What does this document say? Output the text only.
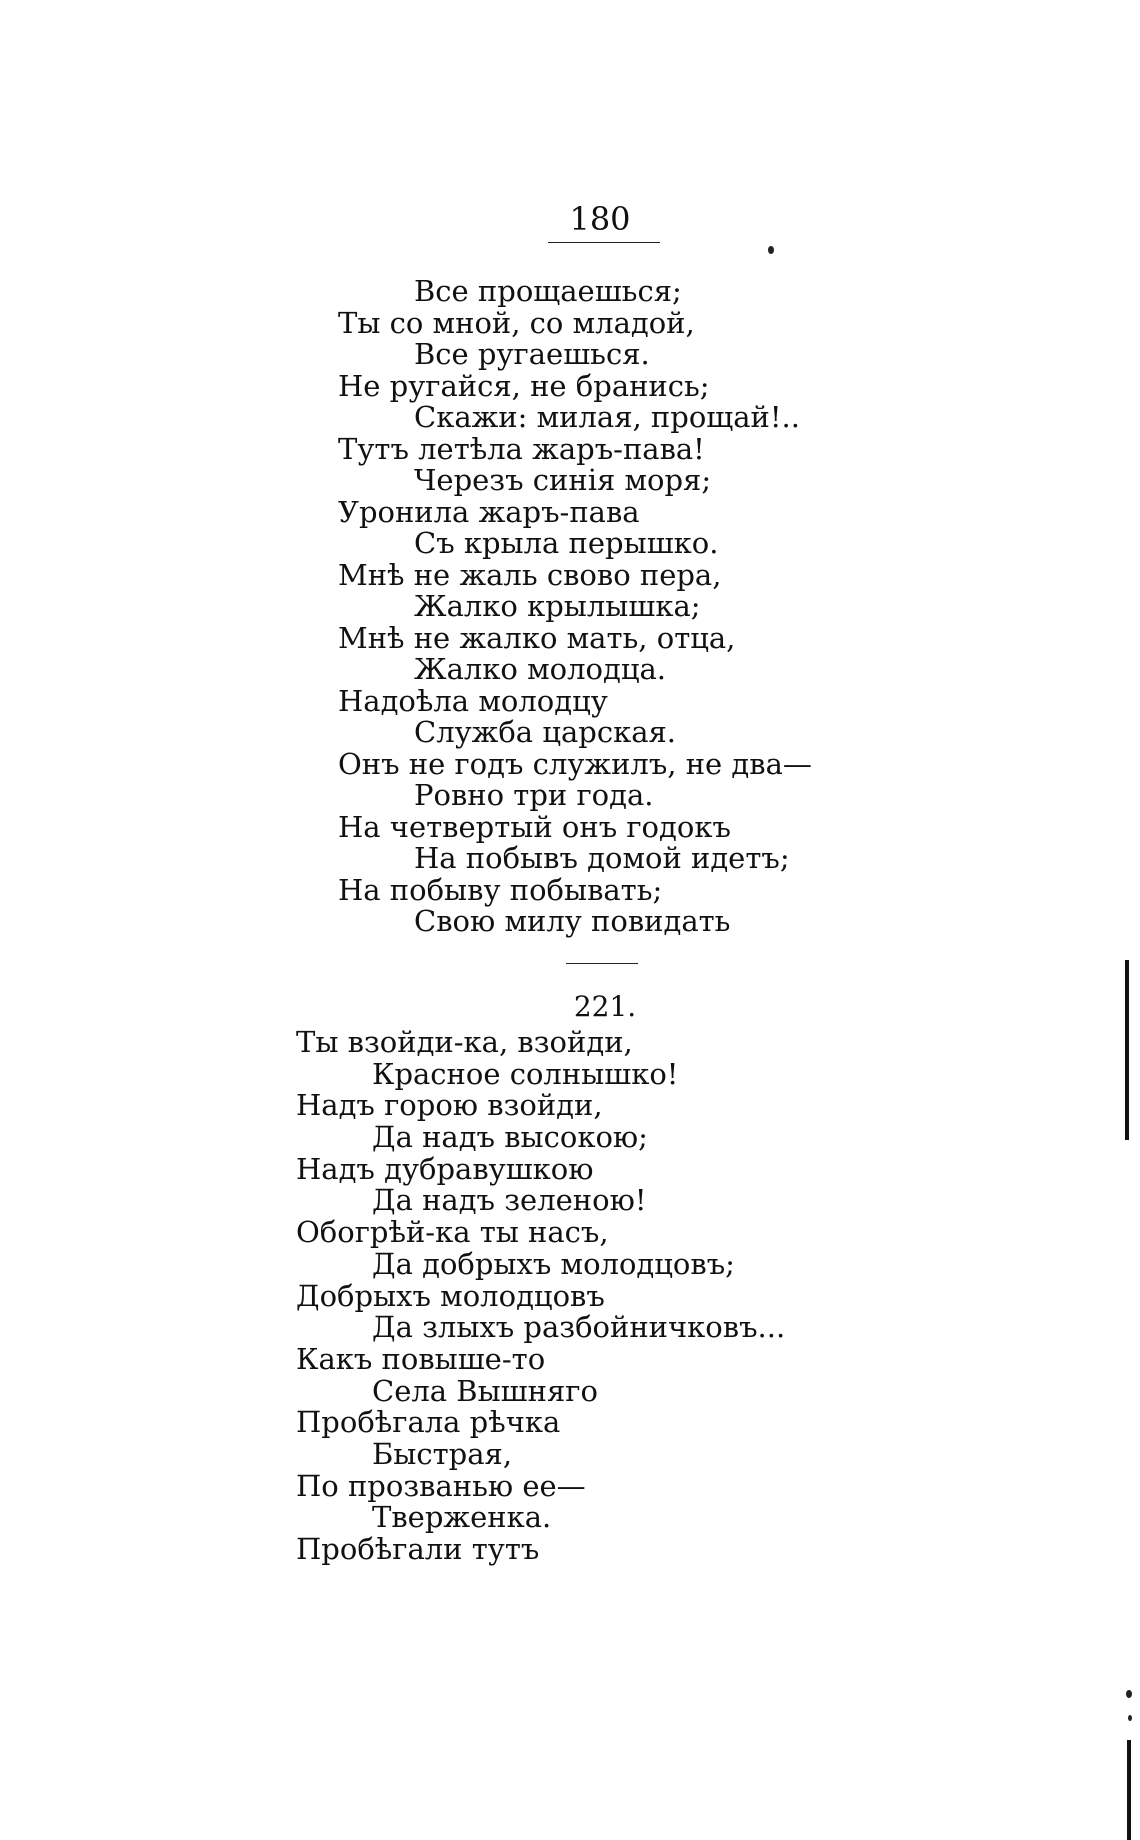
180
Все прощаешься;
Ты со мной, со младой,
Все ругаешься.
Не ругайся, не бранись;
Скажи: милая, прощай!..
Тутъ летѣла жаръ-пава!
Черезъ синія моря;
Уронила жаръ-пава
Съ крыла перышко.
Мнѣ не жаль свово пера,
Жалко крылышка;
Мнѣ не жалко мать, отца,
Жалко молодца.
Надоѣла молодцу
Служба царская.
Онъ не годъ служилъ, не два—
Ровно три года.
На четвертый онъ годокъ
На побывъ домой идетъ;
На побыву побывать;
Свою милу повидать
221.
Ты взойди-ка, взойди,
Красное солнышко!
Надъ горою взойди,
Да надъ высокою;
Надъ дубравушкою
Да надъ зеленою!
Обогрѣй-ка ты насъ,
Да добрыхъ молодцовъ;
Добрыхъ молодцовъ
Да злыхъ разбойничковъ...
Какъ повыше-то
Села Вышняго
Пробѣгала рѣчка
Быстрая,
По прозванью ее—
Тверженка.
Пробѣгали тутъ
